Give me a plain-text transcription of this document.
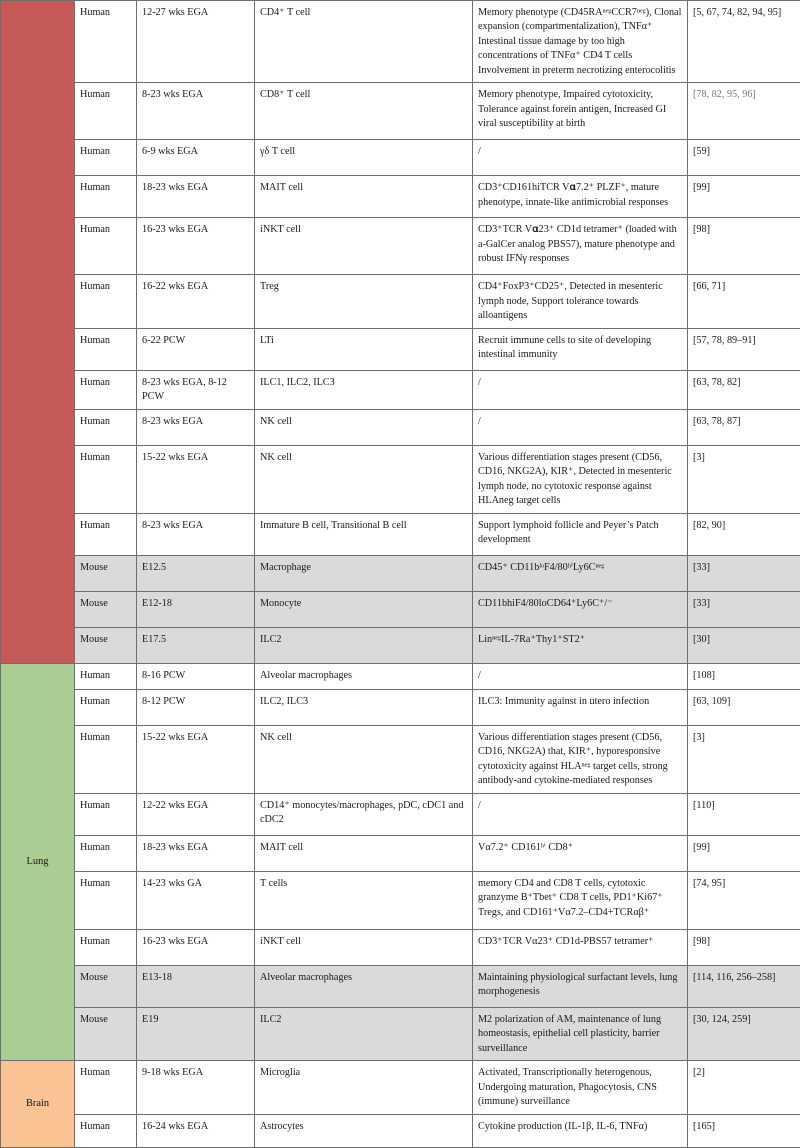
	Human	12-27 wks EGA	CD4⁺ T cell	Memory phenotype (CD45RAⁿᵉᵍCCR7ⁿᵉᵍ), Clonal expansion (compartmentalization), TNFα⁺
Intestinal tissue damage by too high concentrations of TNFα⁺ CD4 T cells
Involvement in preterm necrotizing enterocolitis	[5, 67, 74, 82, 94, 95]
	Human	8-23 wks EGA	CD8⁺ T cell	Memory phenotype, Impaired cytotoxicity, Tolerance against forein antigen, Increased GI viral susceptibility at birth	[78, 82, 95, 96]
	Human	6-9 wks EGA	γδ T cell	/	[59]
	Human	18-23 wks EGA	MAIT cell	CD3⁺CD161hiTCR V𝛂7.2⁺ PLZF⁺, mature phenotype, innate-like antimicrobial responses	[99]
	Human	16-23 wks EGA	iNKT cell	CD3⁺TCR V𝛂23⁺ CD1d tetramer⁺ (loaded with a-GalCer analog PBS57), mature phenotype and robust IFNγ responses	[98]
	Human	16-22 wks EGA	Treg	CD4⁺FoxP3⁺CD25⁺, Detected in mesenteric lymph node, Support tolerance towards alloantigens	[66, 71]
	Human	6-22 PCW	LTi	Recruit immune cells to site of developing intestinal immunity	[57, 78, 89–91]
	Human	8-23 wks EGA, 8-12 PCW	ILC1, ILC2, ILC3	/	[63, 78, 82]
	Human	8-23 wks EGA	NK cell	/	[63, 78, 87]
	Human	15-22 wks EGA	NK cell	Various differentiation stages present (CD56, CD16, NKG2A), KIR⁺, Detected in mesenteric lymph node, no cytotoxic response against HLAneg target cells	[3]
	Human	8-23 wks EGA	Immature B cell, Transitional B cell	Support lymphoid follicle and Peyer’s Patch development	[82, 90]
	Mouse	E12.5	Macrophage	CD45⁺ CD11bˡᵒF4/80ʰⁱLy6Cⁿᵉᵍ	[33]
	Mouse	E12-18	Monocyte	CD11bhiF4/80loCD64⁺Ly6C⁺/⁻	[33]
	Mouse	E17.5	ILC2	LinⁿᵉᵍIL-7Ra⁺Thy1⁺ST2⁺	[30]
Lung	Human	8-16 PCW	Alveolar macrophages	/	[108]
	Human	8-12 PCW	ILC2, ILC3	ILC3: Immunity against in utero infection	[63, 109]
	Human	15-22 wks EGA	NK cell	Various differentiation stages present (CD56, CD16, NKG2A) that, KIR⁺, hyporesponsive cytotoxicity against HLAⁿᵉᵍ target cells, strong antibody-and cytokine-mediated responses	[3]
	Human	12-22 wks EGA	CD14⁺ monocytes/macrophages, pDC, cDC1 and cDC2	/	[110]
	Human	18-23 wks EGA	MAIT cell	Vα7.2⁺ CD161ʰⁱ CD8⁺	[99]
	Human	14-23 wks GA	T cells	memory CD4 and CD8 T cells, cytotoxic granzyme B⁺Tbet⁺ CD8 T cells, PD1⁺Ki67⁺ Tregs, and CD161⁺Vα7.2–CD4+TCRαβ⁺	[74, 95]
	Human	16-23 wks EGA	iNKT cell	CD3⁺TCR Vα23⁺ CD1d-PBS57 tetramer⁺	[98]
	Mouse	E13-18	Alveolar macrophages	Maintaining physiological surfactant levels, lung morphogenesis	[114, 116, 256–258]
	Mouse	E19	ILC2	M2 polarization of AM, maintenance of lung homeostasis, epithelial cell plasticity, barrier surveillance	[30, 124, 259]
Brain	Human	9-18 wks EGA	Microglia	Activated, Transcriptionally heterogenous, Undergoing maturation, Phagocytosis, CNS (immune) surveillance	[2]
	Human	16-24 wks EGA	Astrocytes	Cytokine production (IL-1β, IL-6, TNFα)	[165]
